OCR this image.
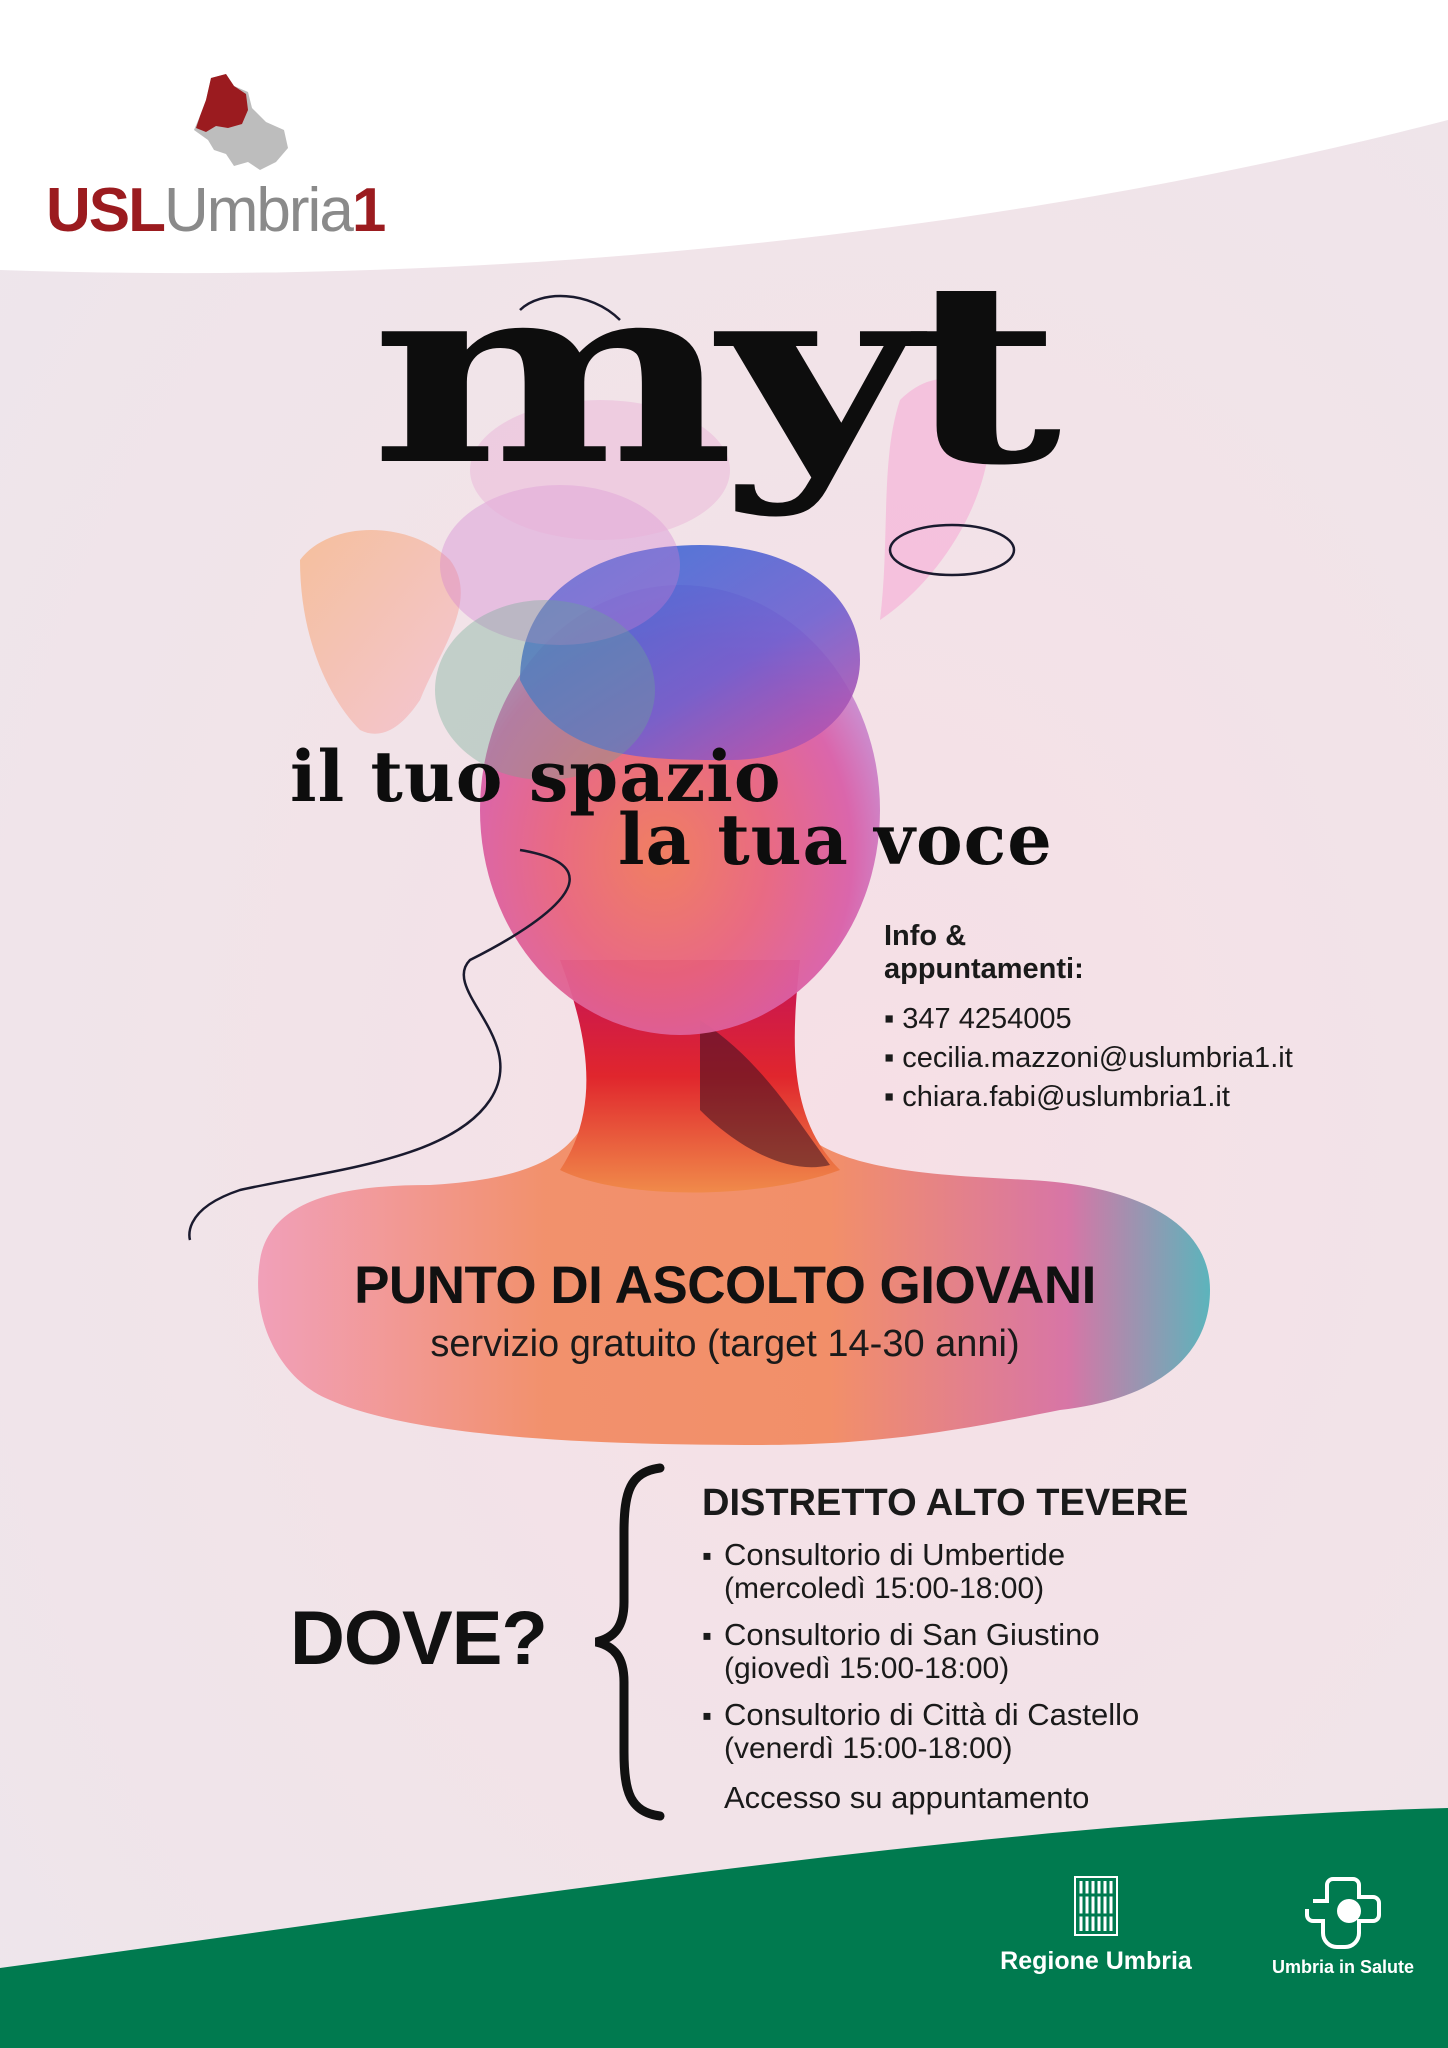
USLUmbria1
myt
il tuo spazio
la tua voce
Info & appuntamenti:
▪ 347 4254005
▪ cecilia.mazzoni@uslumbria1.it
▪ chiara.fabi@uslumbria1.it
PUNTO DI ASCOLTO GIOVANI
servizio gratuito (target 14-30 anni)
DOVE?
DISTRETTO ALTO TEVERE
▪ Consultorio di Umbertide
(mercoledì 15:00-18:00)
▪ Consultorio di San Giustino
(giovedì 15:00-18:00)
▪ Consultorio di Città di Castello
(venerdì 15:00-18:00)
Accesso su appuntamento
Regione Umbria	Umbria in Salute
